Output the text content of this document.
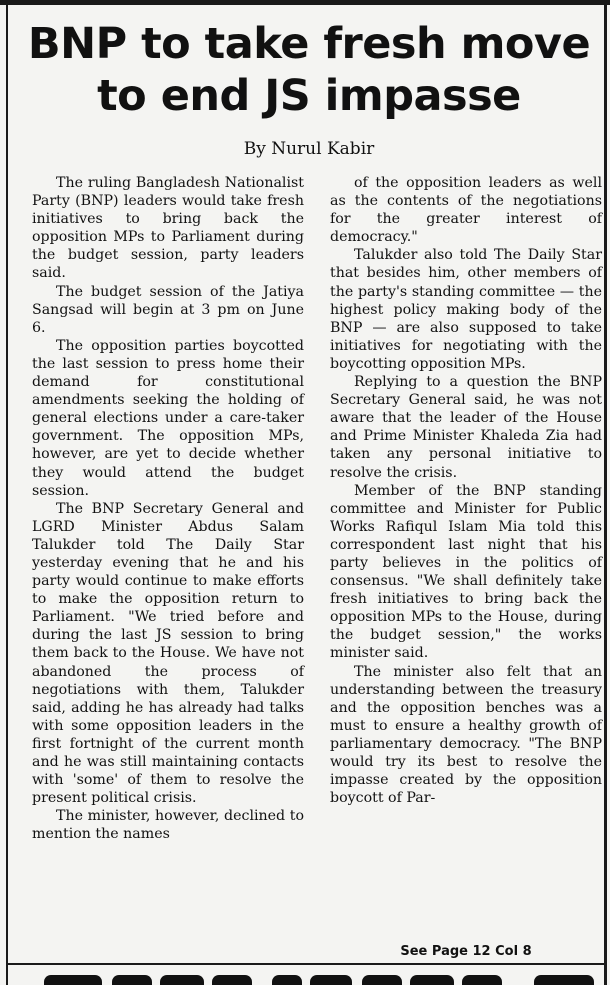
BNP to take fresh move
to end JS impasse
By Nurul Kabir

The ruling Bangladesh Nationalist Party (BNP) leaders would take fresh initiatives to bring back the opposition MPs to Parliament during the budget session, party leaders said.

The budget session of the Jatiya Sangsad will begin at 3 pm on June 6.

The opposition parties boycotted the last session to press home their demand for constitutional amendments seeking the holding of general elections under a care-taker government. The opposition MPs, however, are yet to decide whether they would attend the budget session.

The BNP Secretary General and LGRD Minister Abdus Salam Talukder told The Daily Star yesterday evening that he and his party would continue to make efforts to make the opposition return to Parliament. "We tried before and during the last JS session to bring them back to the House. We have not abandoned the process of negotiations with them, Talukder said, adding he has already had talks with some opposition leaders in the first fortnight of the current month and he was still maintaining contacts with 'some' of them to resolve the present political crisis.

The minister, however, declined to mention the names

of the opposition leaders as well as the contents of the negotiations for the greater interest of democracy."

Talukder also told The Daily Star that besides him, other members of the party's standing committee — the highest policy making body of the BNP — are also supposed to take initiatives for negotiating with the boycotting opposition MPs.

Replying to a question the BNP Secretary General said, he was not aware that the leader of the House and Prime Minister Khaleda Zia had taken any personal initiative to resolve the crisis.

Member of the BNP standing committee and Minister for Public Works Rafiqul Islam Mia told this correspondent last night that his party believes in the politics of consensus. "We shall definitely take fresh initiatives to bring back the opposition MPs to the House, during the budget session," the works minister said.

The minister also felt that an understanding between the treasury and the opposition benches was a must to ensure a healthy growth of parliamentary democracy. "The BNP would try its best to resolve the impasse created by the opposition boycott of Par-

See Page 12 Col 8
